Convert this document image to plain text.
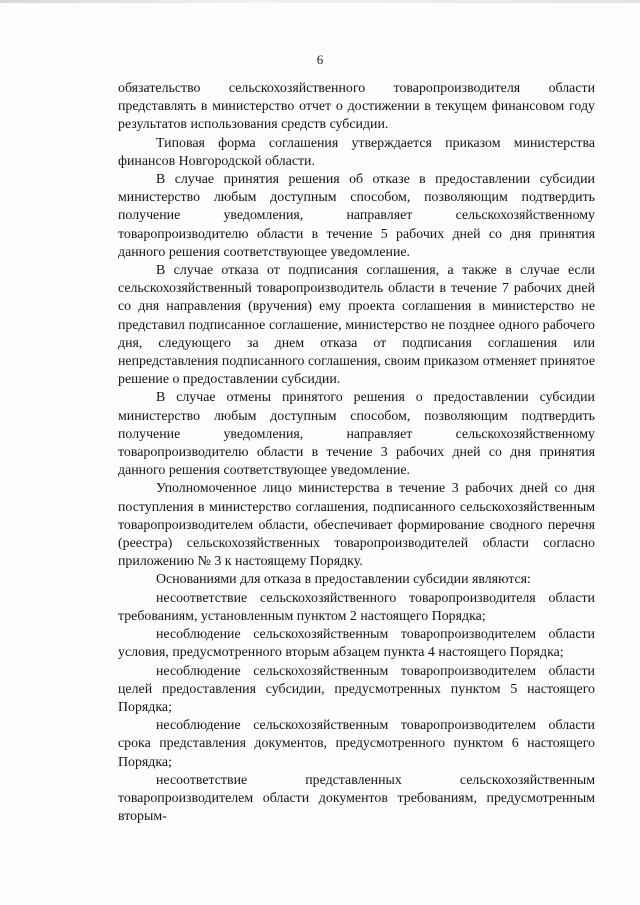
6

обязательство сельскохозяйственного товаропроизводителя области представлять в министерство отчет о достижении в текущем финансовом году результатов использования средств субсидии.

Типовая форма соглашения утверждается приказом министерства финансов Новгородской области.

В случае принятия решения об отказе в предоставлении субсидии министерство любым доступным способом, позволяющим подтвердить получение уведомления, направляет сельскохозяйственному товаропроизводителю области в течение 5 рабочих дней со дня принятия данного решения соответствующее уведомление.

В случае отказа от подписания соглашения, а также в случае если сельскохозяйственный товаропроизводитель области в течение 7 рабочих дней со дня направления (вручения) ему проекта соглашения в министерство не представил подписанное соглашение, министерство не позднее одного рабочего дня, следующего за днем отказа от подписания соглашения или непредставления подписанного соглашения, своим приказом отменяет принятое решение о предоставлении субсидии.

В случае отмены принятого решения о предоставлении субсидии министерство любым доступным способом, позволяющим подтвердить получение уведомления, направляет сельскохозяйственному товаропроизводителю области в течение 3 рабочих дней со дня принятия данного решения соответствующее уведомление.

Уполномоченное лицо министерства в течение 3 рабочих дней со дня поступления в министерство соглашения, подписанного сельскохозяйственным товаропроизводителем области, обеспечивает формирование сводного перечня (реестра) сельскохозяйственных товаропроизводителей области согласно приложению № 3 к настоящему Порядку.

Основаниями для отказа в предоставлении субсидии являются:

несоответствие сельскохозяйственного товаропроизводителя области требованиям, установленным пунктом 2 настоящего Порядка;

несоблюдение сельскохозяйственным товаропроизводителем области условия, предусмотренного вторым абзацем пункта 4 настоящего Порядка;

несоблюдение сельскохозяйственным товаропроизводителем области целей предоставления субсидии, предусмотренных пунктом 5 настоящего Порядка;

несоблюдение сельскохозяйственным товаропроизводителем области срока представления документов, предусмотренного пунктом 6 настоящего Порядка;

несоответствие представленных сельскохозяйственным товаропроизводителем области документов требованиям, предусмотренным вторым-
